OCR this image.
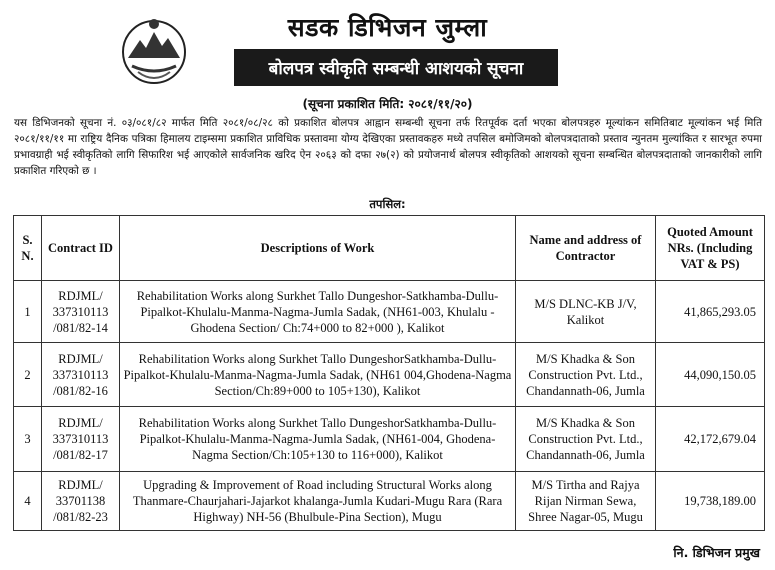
सडक डिभिजन जुम्ला
बोलपत्र स्वीकृति सम्बन्धी आशयको सूचना
(सूचना प्रकाशित मिति: २०८१/११/२०)
यस डिभिजनको सूचना नं. ०३/०८१/८२ मार्फत मिति २०८१/०८/२८ को प्रकाशित बोलपत्र आह्वान सम्बन्धी सूचना तर्फ रितपूर्वक दर्ता भएका बोलपत्रहरु मूल्यांकन समितिबाट मूल्यांकन भई मिति २०८१/११/११ मा राष्ट्रिय दैनिक पत्रिका हिमालय टाइम्समा प्रकाशित प्राविधिक प्रस्तावमा योग्य देखिएका प्रस्तावकहरु मध्ये तपसिल बमोजिमको बोलपत्रदाताको प्रस्ताव न्युनतम मुल्यांकित र सारभूत रुपमा प्रभावग्राही भई स्वीकृतिको लागि सिफारिश भई आएकोले सार्वजनिक खरिद ऐन २०६३ को दफा २७(२) को प्रयोजनार्थ बोलपत्र स्वीकृतिको आशयको सूचना सम्बन्धित बोलपत्रदाताको जानकारीको लागि प्रकाशित गरिएको छ ।
तपसिल:
S. N.	Contract ID	Descriptions of Work	Name and address of Contractor	Quoted Amount NRs. (Including VAT & PS)
1	RDJML/ 337310113 /081/82-14	Rehabilitation Works along Surkhet Tallo Dungeshor-Satkhamba-Dullu-Pipalkot-Khulalu-Manma-Nagma-Jumla Sadak, (NH61-003, Khulalu - Ghodena Section/ Ch:74+000 to 82+000 ), Kalikot	M/S DLNC-KB J/V, Kalikot	41,865,293.05
2	RDJML/ 337310113 /081/82-16	Rehabilitation Works along Surkhet Tallo DungeshorSatkhamba-Dullu-Pipalkot-Khulalu-Manma-Nagma-Jumla Sadak, (NH61 004,Ghodena-Nagma Section/Ch:89+000 to 105+130), Kalikot	M/S Khadka & Son Construction Pvt. Ltd., Chandannath-06, Jumla	44,090,150.05
3	RDJML/ 337310113 /081/82-17	Rehabilitation Works along Surkhet Tallo DungeshorSatkhamba-Dullu-Pipalkot-Khulalu-Manma-Nagma-Jumla Sadak, (NH61-004, Ghodena-Nagma Section/Ch:105+130 to 116+000), Kalikot	M/S Khadka & Son Construction Pvt. Ltd., Chandannath-06, Jumla	42,172,679.04
4	RDJML/ 33701138 /081/82-23	Upgrading & Improvement of Road including Structural Works along Thanmare-Chaurjahari-Jajarkot khalanga-Jumla Kudari-Mugu Rara (Rara Highway) NH-56 (Bhulbule-Pina Section), Mugu	M/S Tirtha and Rajya Rijan Nirman Sewa, Shree Nagar-05, Mugu	19,738,189.00
नि. डिभिजन प्रमुख
